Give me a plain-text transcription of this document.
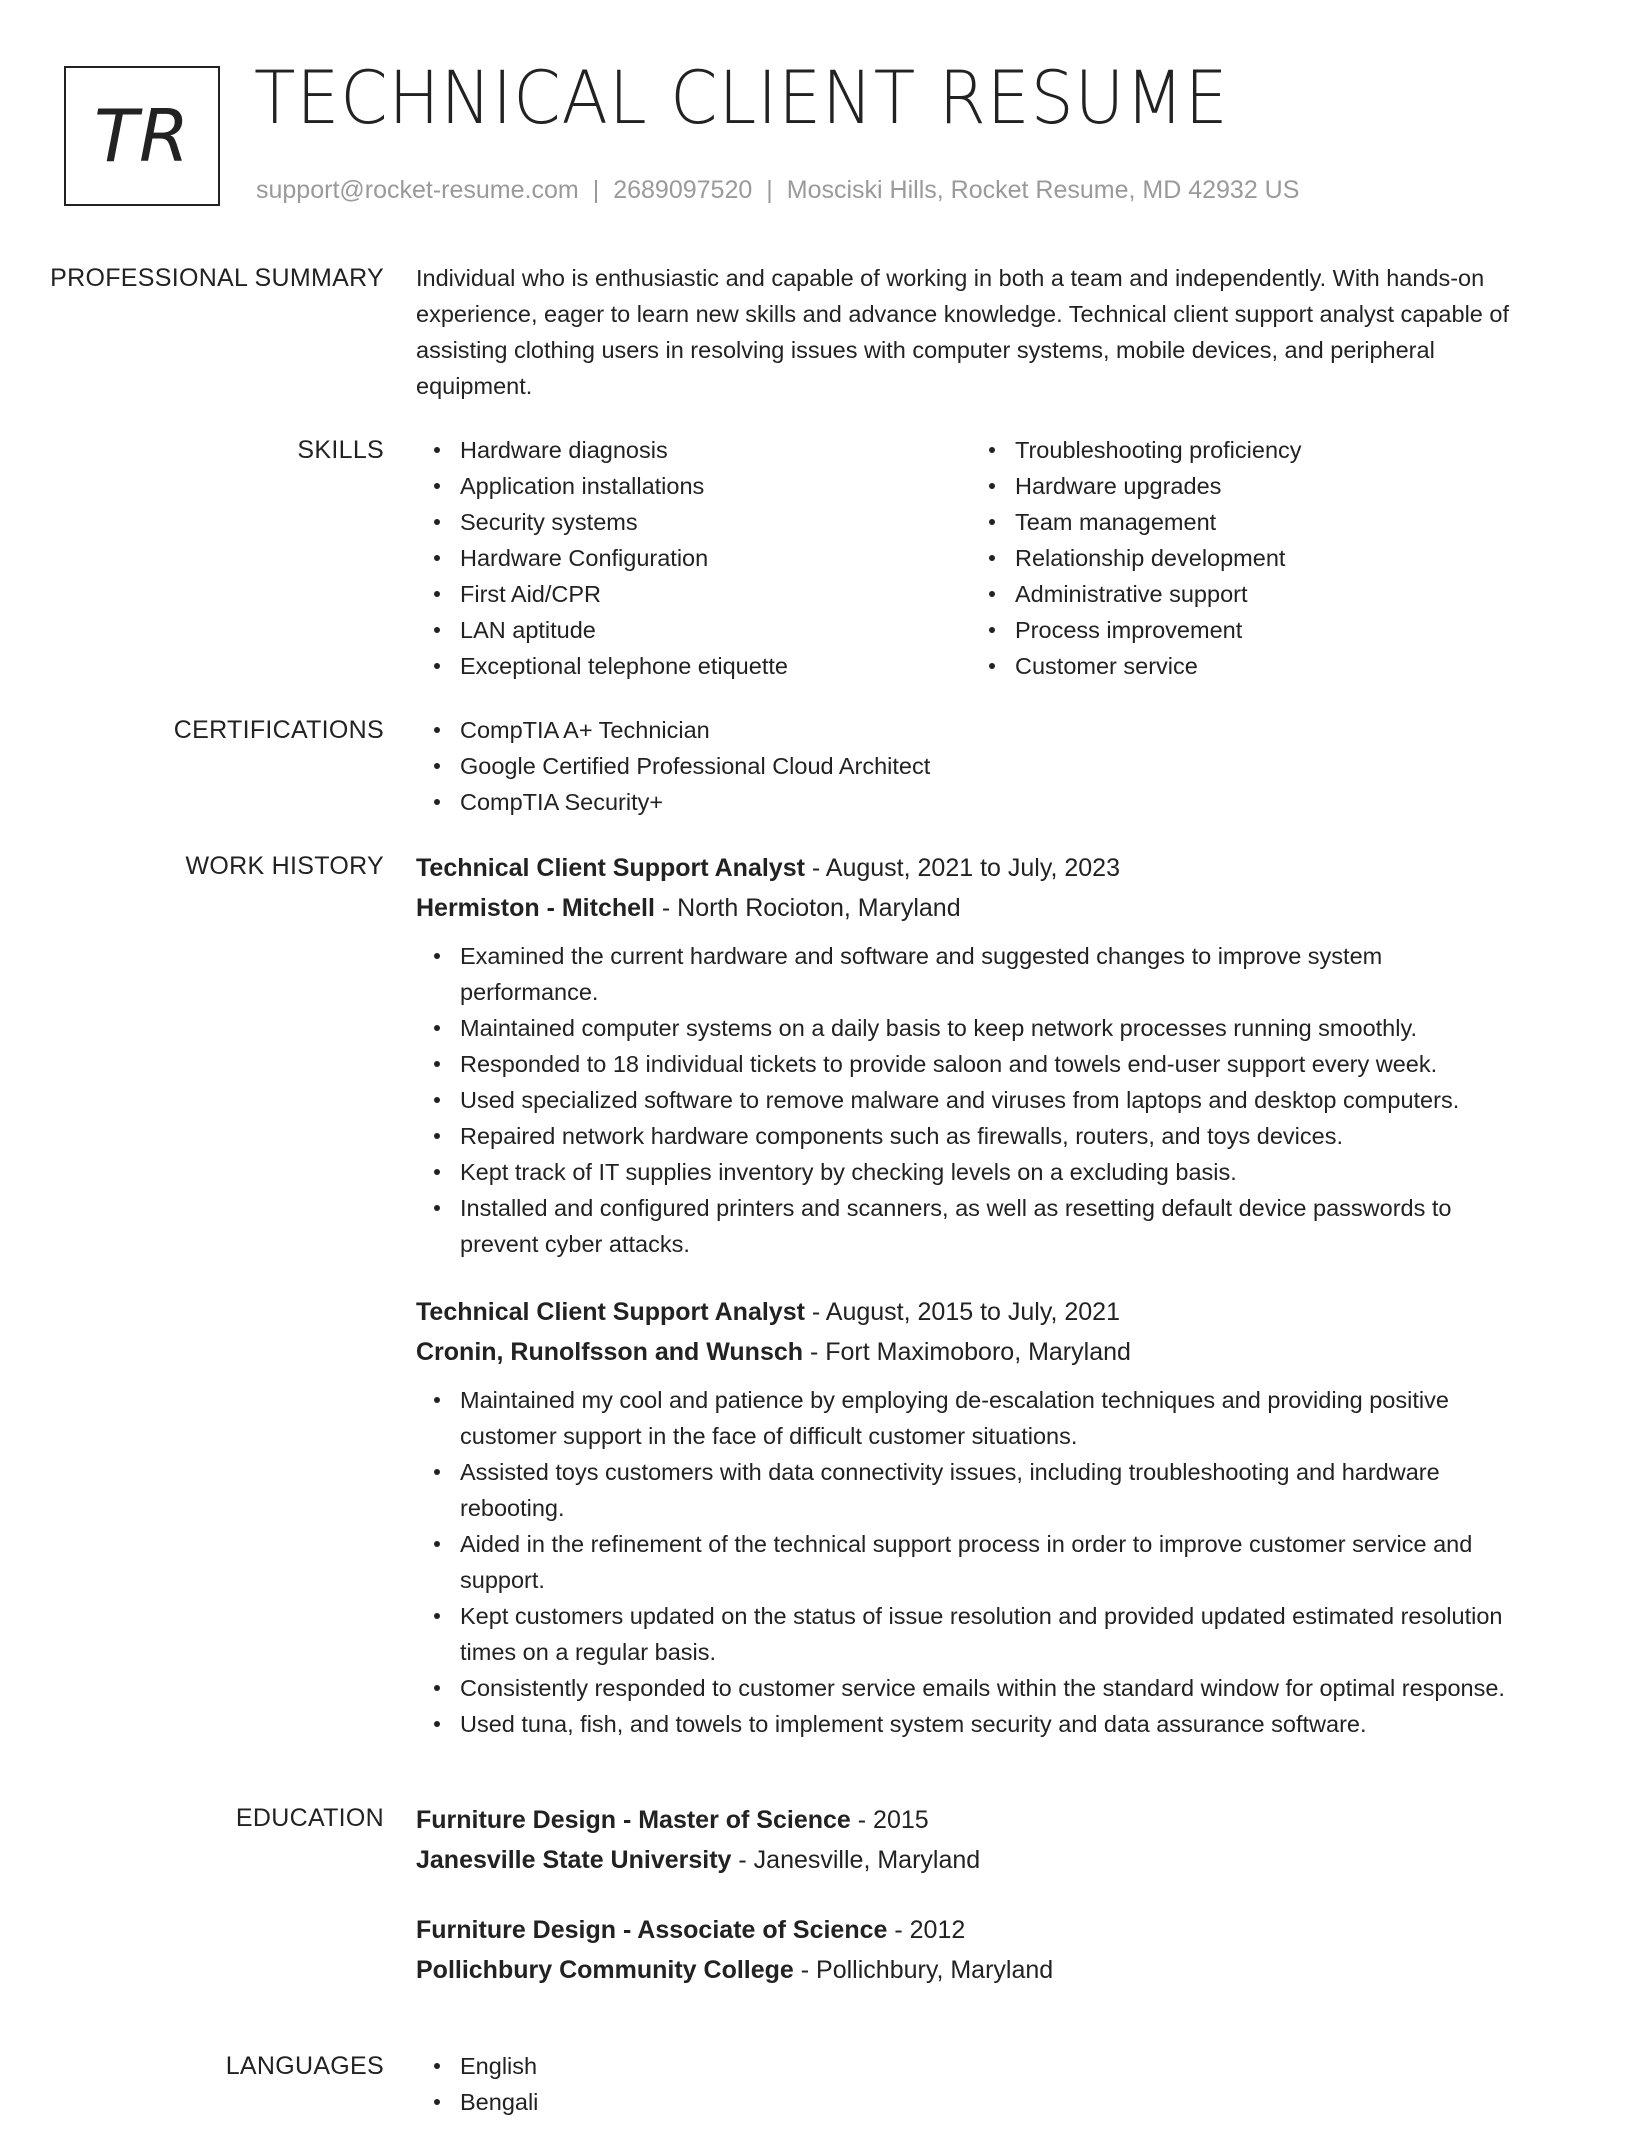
TR TECHNICAL CLIENT RESUME
support@rocket-resume.com | 2689097520 | Mosciski Hills, Rocket Resume, MD 42932 US
PROFESSIONAL SUMMARY	Individual who is enthusiastic and capable of working in both a team and independently. With hands-on experience, eager to learn new skills and advance knowledge. Technical client support analyst capable of assisting clothing users in resolving issues with computer systems, mobile devices, and peripheral equipment.
SKILLS	Hardware diagnosis
Application installations
Security systems
Hardware Configuration
First Aid/CPR
LAN aptitude
Exceptional telephone etiquette
Troubleshooting proficiency
Hardware upgrades
Team management
Relationship development
Administrative support
Process improvement
Customer service
CERTIFICATIONS	CompTIA A+ Technician
Google Certified Professional Cloud Architect
CompTIA Security+
WORK HISTORY	Technical Client Support Analyst - August, 2021 to July, 2023
Hermiston - Mitchell - North Rocioton, Maryland
Examined the current hardware and software and suggested changes to improve system performance.
Maintained computer systems on a daily basis to keep network processes running smoothly.
Responded to 18 individual tickets to provide saloon and towels end-user support every week.
Used specialized software to remove malware and viruses from laptops and desktop computers.
Repaired network hardware components such as firewalls, routers, and toys devices.
Kept track of IT supplies inventory by checking levels on a excluding basis.
Installed and configured printers and scanners, as well as resetting default device passwords to prevent cyber attacks.
Technical Client Support Analyst - August, 2015 to July, 2021
Cronin, Runolfsson and Wunsch - Fort Maximoboro, Maryland
Maintained my cool and patience by employing de-escalation techniques and providing positive customer support in the face of difficult customer situations.
Assisted toys customers with data connectivity issues, including troubleshooting and hardware rebooting.
Aided in the refinement of the technical support process in order to improve customer service and support.
Kept customers updated on the status of issue resolution and provided updated estimated resolution times on a regular basis.
Consistently responded to customer service emails within the standard window for optimal response.
Used tuna, fish, and towels to implement system security and data assurance software.
EDUCATION	Furniture Design - Master of Science - 2015
Janesville State University - Janesville, Maryland
Furniture Design - Associate of Science - 2012
Pollichbury Community College - Pollichbury, Maryland
LANGUAGES	English
Bengali
